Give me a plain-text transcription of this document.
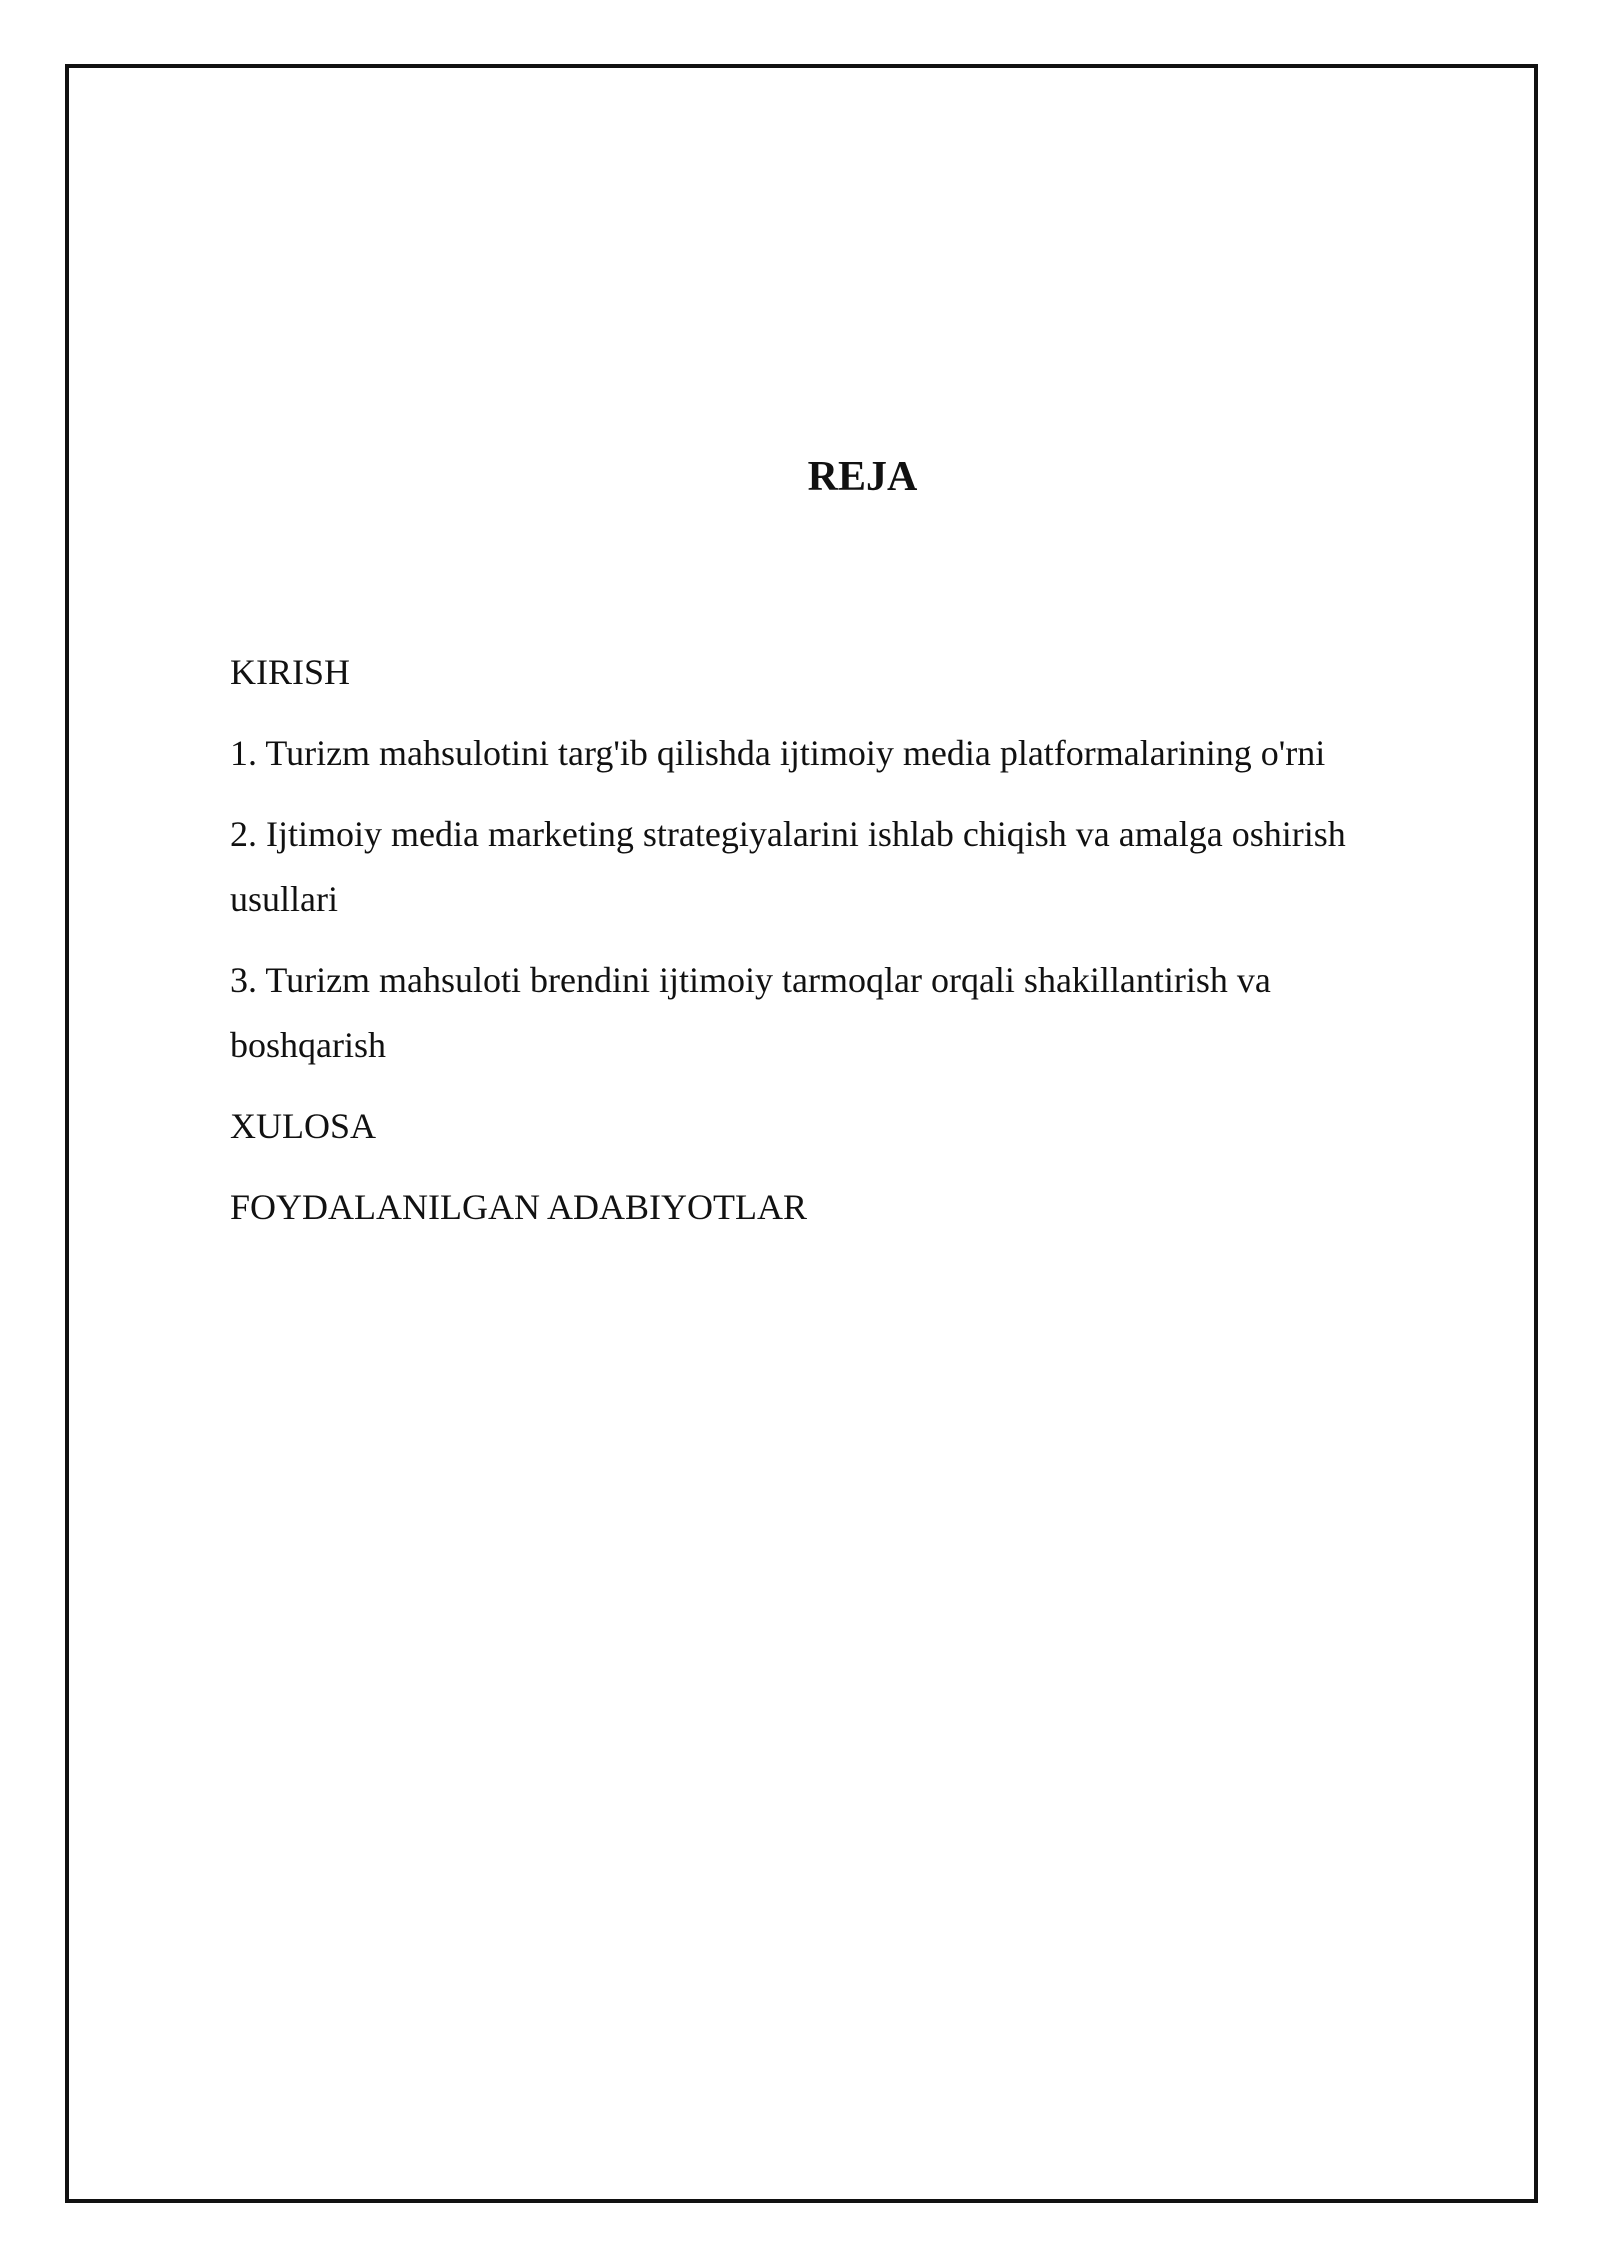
REJA
KIRISH
1. Turizm mahsulotini targ'ib qilishda ijtimoiy media platformalarining o'rni
2. Ijtimoiy media marketing strategiyalarini ishlab chiqish va amalga oshirish usullari
3. Turizm mahsuloti brendini ijtimoiy tarmoqlar orqali shakillantirish va boshqarish
XULOSA
FOYDALANILGAN ADABIYOTLAR
